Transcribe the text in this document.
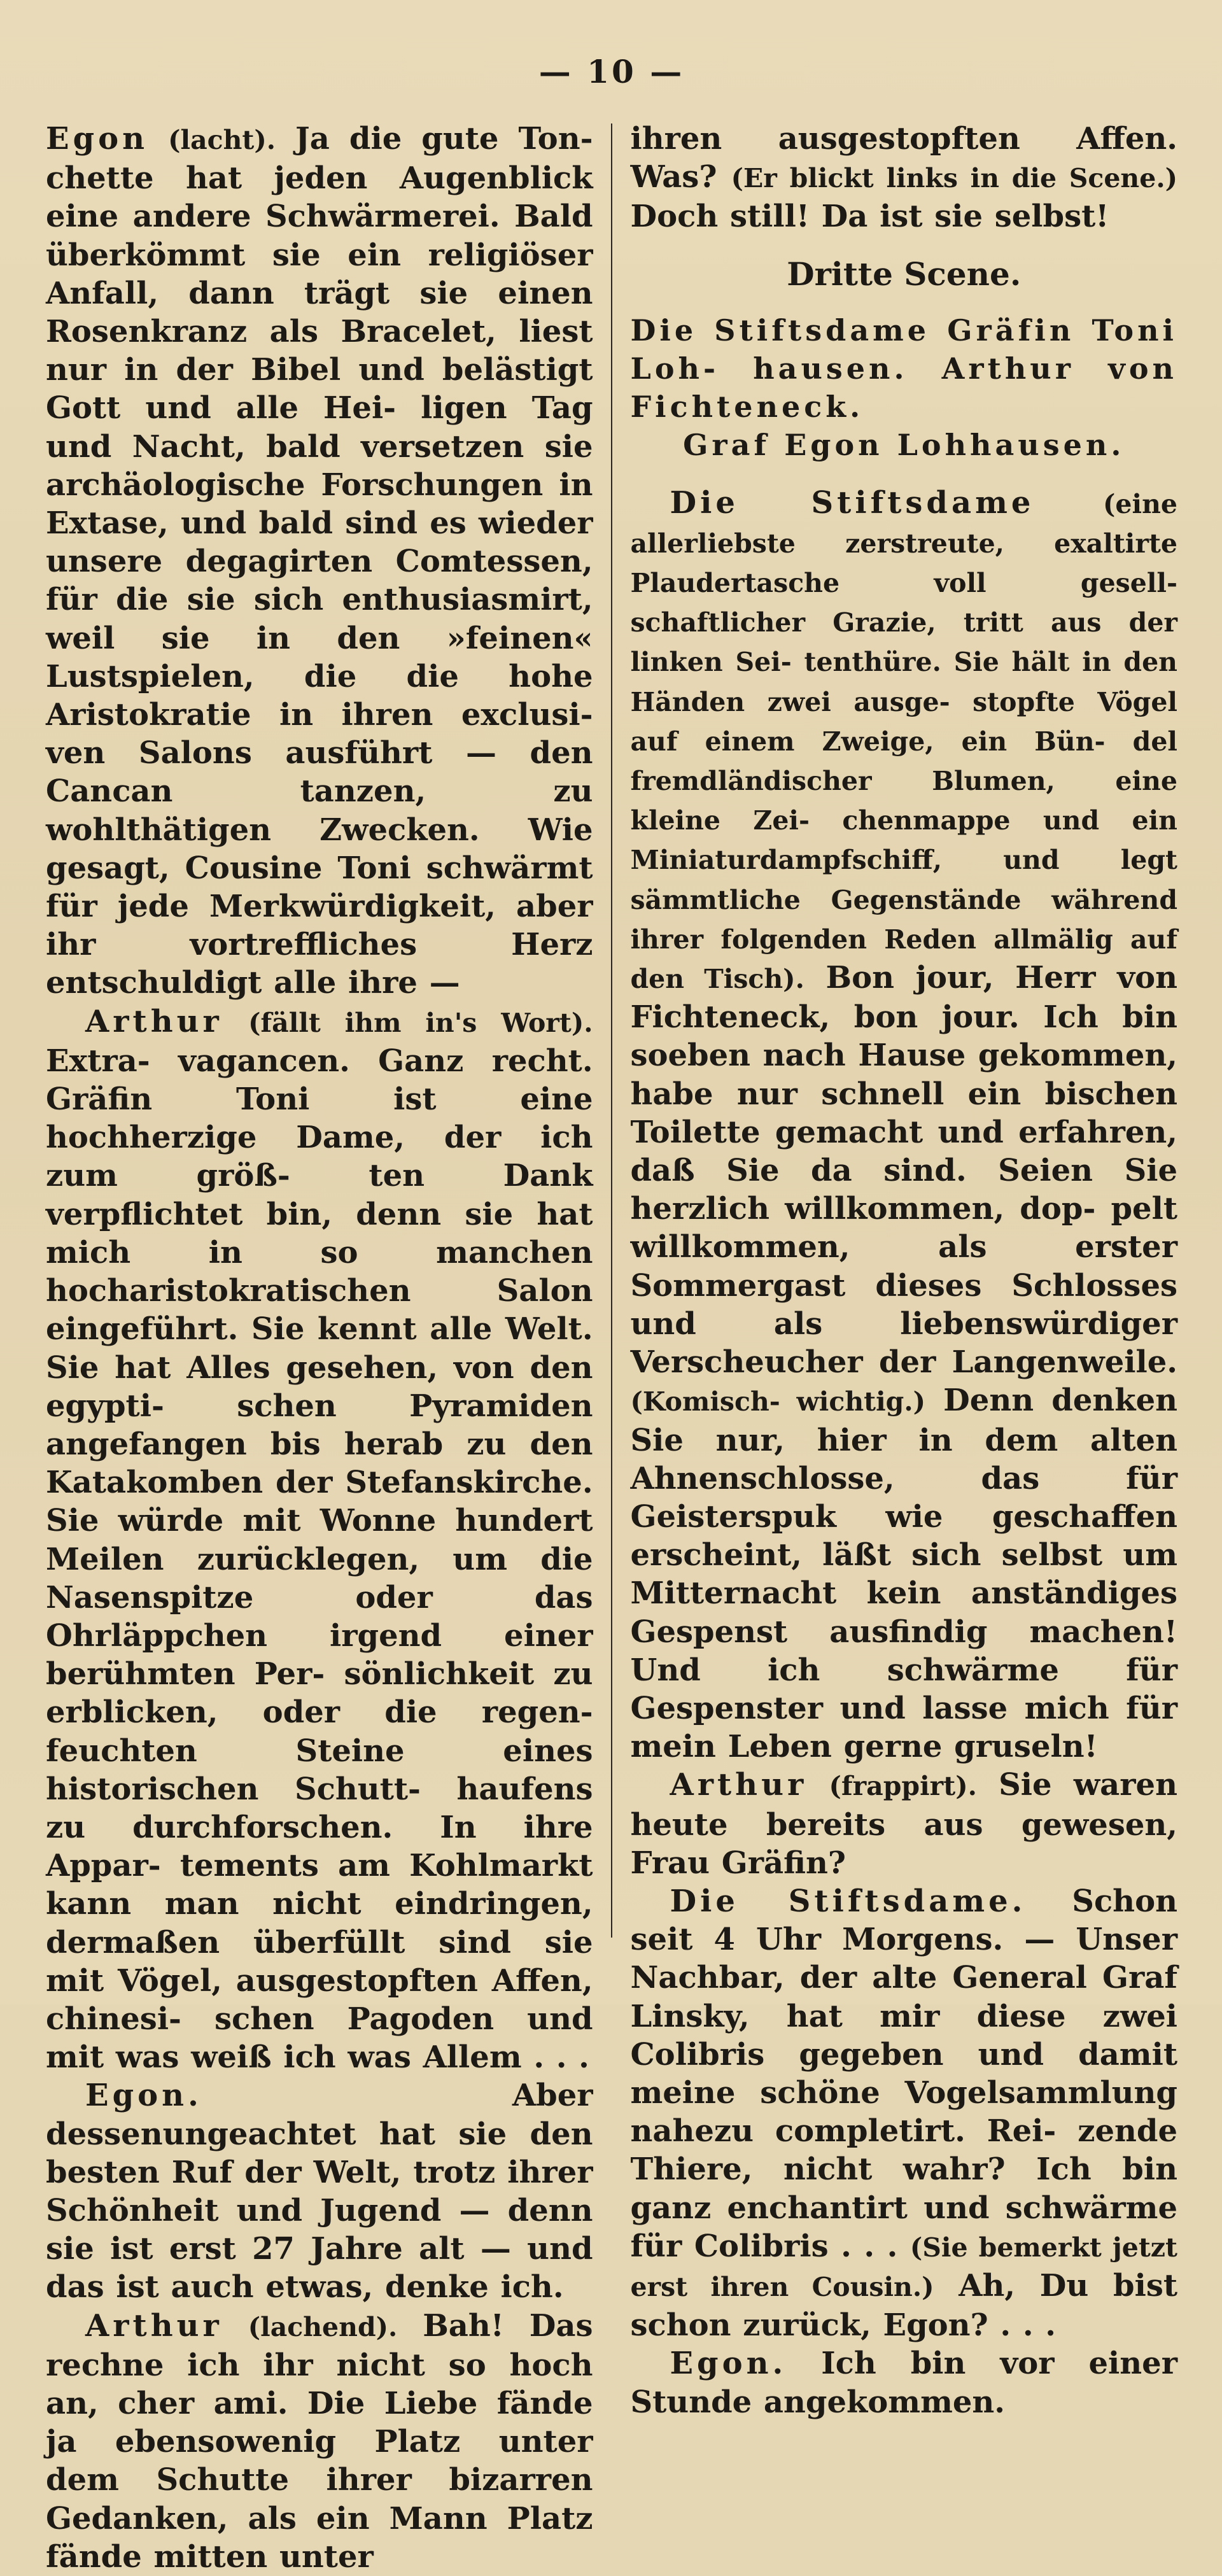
— 10 —

Egon (lacht). Ja die gute Ton- chette hat jeden Augenblick eine andere Schwärmerei. Bald überkömmt sie ein religiöser Anfall, dann trägt sie einen Rosenkranz als Bracelet, liest nur in der Bibel und belästigt Gott und alle Hei- ligen Tag und Nacht, bald versetzen sie archäologische Forschungen in Extase, und bald sind es wieder unsere degagirten Comtessen, für die sie sich enthusiasmirt, weil sie in den »feinen« Lustspielen, die die hohe Aristokratie in ihren exclusi- ven Salons ausführt — den Cancan tanzen, zu wohlthätigen Zwecken. Wie gesagt, Cousine Toni schwärmt für jede Merkwürdigkeit, aber ihr vortreffliches Herz entschuldigt alle ihre —

Arthur (fällt ihm in's Wort). Extra- vagancen. Ganz recht. Gräfin Toni ist eine hochherzige Dame, der ich zum größ- ten Dank verpflichtet bin, denn sie hat mich in so manchen hocharistokratischen Salon eingeführt. Sie kennt alle Welt. Sie hat Alles gesehen, von den egypti- schen Pyramiden angefangen bis herab zu den Katakomben der Stefanskirche. Sie würde mit Wonne hundert Meilen zurücklegen, um die Nasenspitze oder das Ohrläppchen irgend einer berühmten Per- sönlichkeit zu erblicken, oder die regen- feuchten Steine eines historischen Schutt- haufens zu durchforschen. In ihre Appar- tements am Kohlmarkt kann man nicht eindringen, dermaßen überfüllt sind sie mit Vögel, ausgestopften Affen, chinesi- schen Pagoden und mit was weiß ich was Allem . . .

Egon. Aber dessenungeachtet hat sie den besten Ruf der Welt, trotz ihrer Schönheit und Jugend — denn sie ist erst 27 Jahre alt — und das ist auch etwas, denke ich.

Arthur (lachend). Bah! Das rechne ich ihr nicht so hoch an, cher ami. Die Liebe fände ja ebensowenig Platz unter dem Schutte ihrer bizarren Gedanken, als ein Mann Platz fände mitten unter

ihren ausgestopften Affen. Was? (Er blickt links in die Scene.) Doch still! Da ist sie selbst!

Dritte Scene.

Die Stiftsdame Gräfin Toni Loh- hausen. Arthur von Fichteneck.
Graf Egon Lohhausen.

Die Stiftsdame	(eine allerliebste zerstreute, exaltirte Plaudertasche voll gesell- schaftlicher Grazie, tritt aus der linken Sei- tenthüre. Sie hält in den Händen zwei ausge- stopfte Vögel auf einem Zweige, ein Bün- del fremdländischer Blumen, eine kleine Zei- chenmappe und ein Miniaturdampfschiff, und legt sämmtliche Gegenstände während ihrer folgenden Reden allmälig auf den Tisch). Bon jour, Herr von Fichteneck, bon jour. Ich bin soeben nach Hause gekommen, habe nur schnell ein bischen Toilette gemacht und erfahren, daß Sie da sind. Seien Sie herzlich willkommen, dop- pelt willkommen, als erster Sommergast dieses Schlosses und als liebenswürdiger Verscheucher der Langenweile. (Komisch- wichtig.) Denn denken Sie nur, hier in dem alten Ahnenschlosse, das für Geisterspuk wie geschaffen erscheint, läßt sich selbst um Mitternacht kein anständiges Gespenst ausfindig machen! Und ich schwärme für Gespenster und lasse mich für mein Leben gerne gruseln!

Arthur (frappirt). Sie waren heute bereits aus gewesen, Frau Gräfin?

Die Stiftsdame. Schon seit 4 Uhr Morgens. — Unser Nachbar, der alte General Graf Linsky, hat mir diese zwei Colibris gegeben und damit meine schöne Vogelsammlung nahezu completirt. Rei- zende Thiere, nicht wahr? Ich bin ganz enchantirt und schwärme für Colibris . . . (Sie bemerkt jetzt erst ihren Cousin.) Ah, Du bist schon zurück, Egon? . . .

Egon. Ich bin vor einer Stunde angekommen.
